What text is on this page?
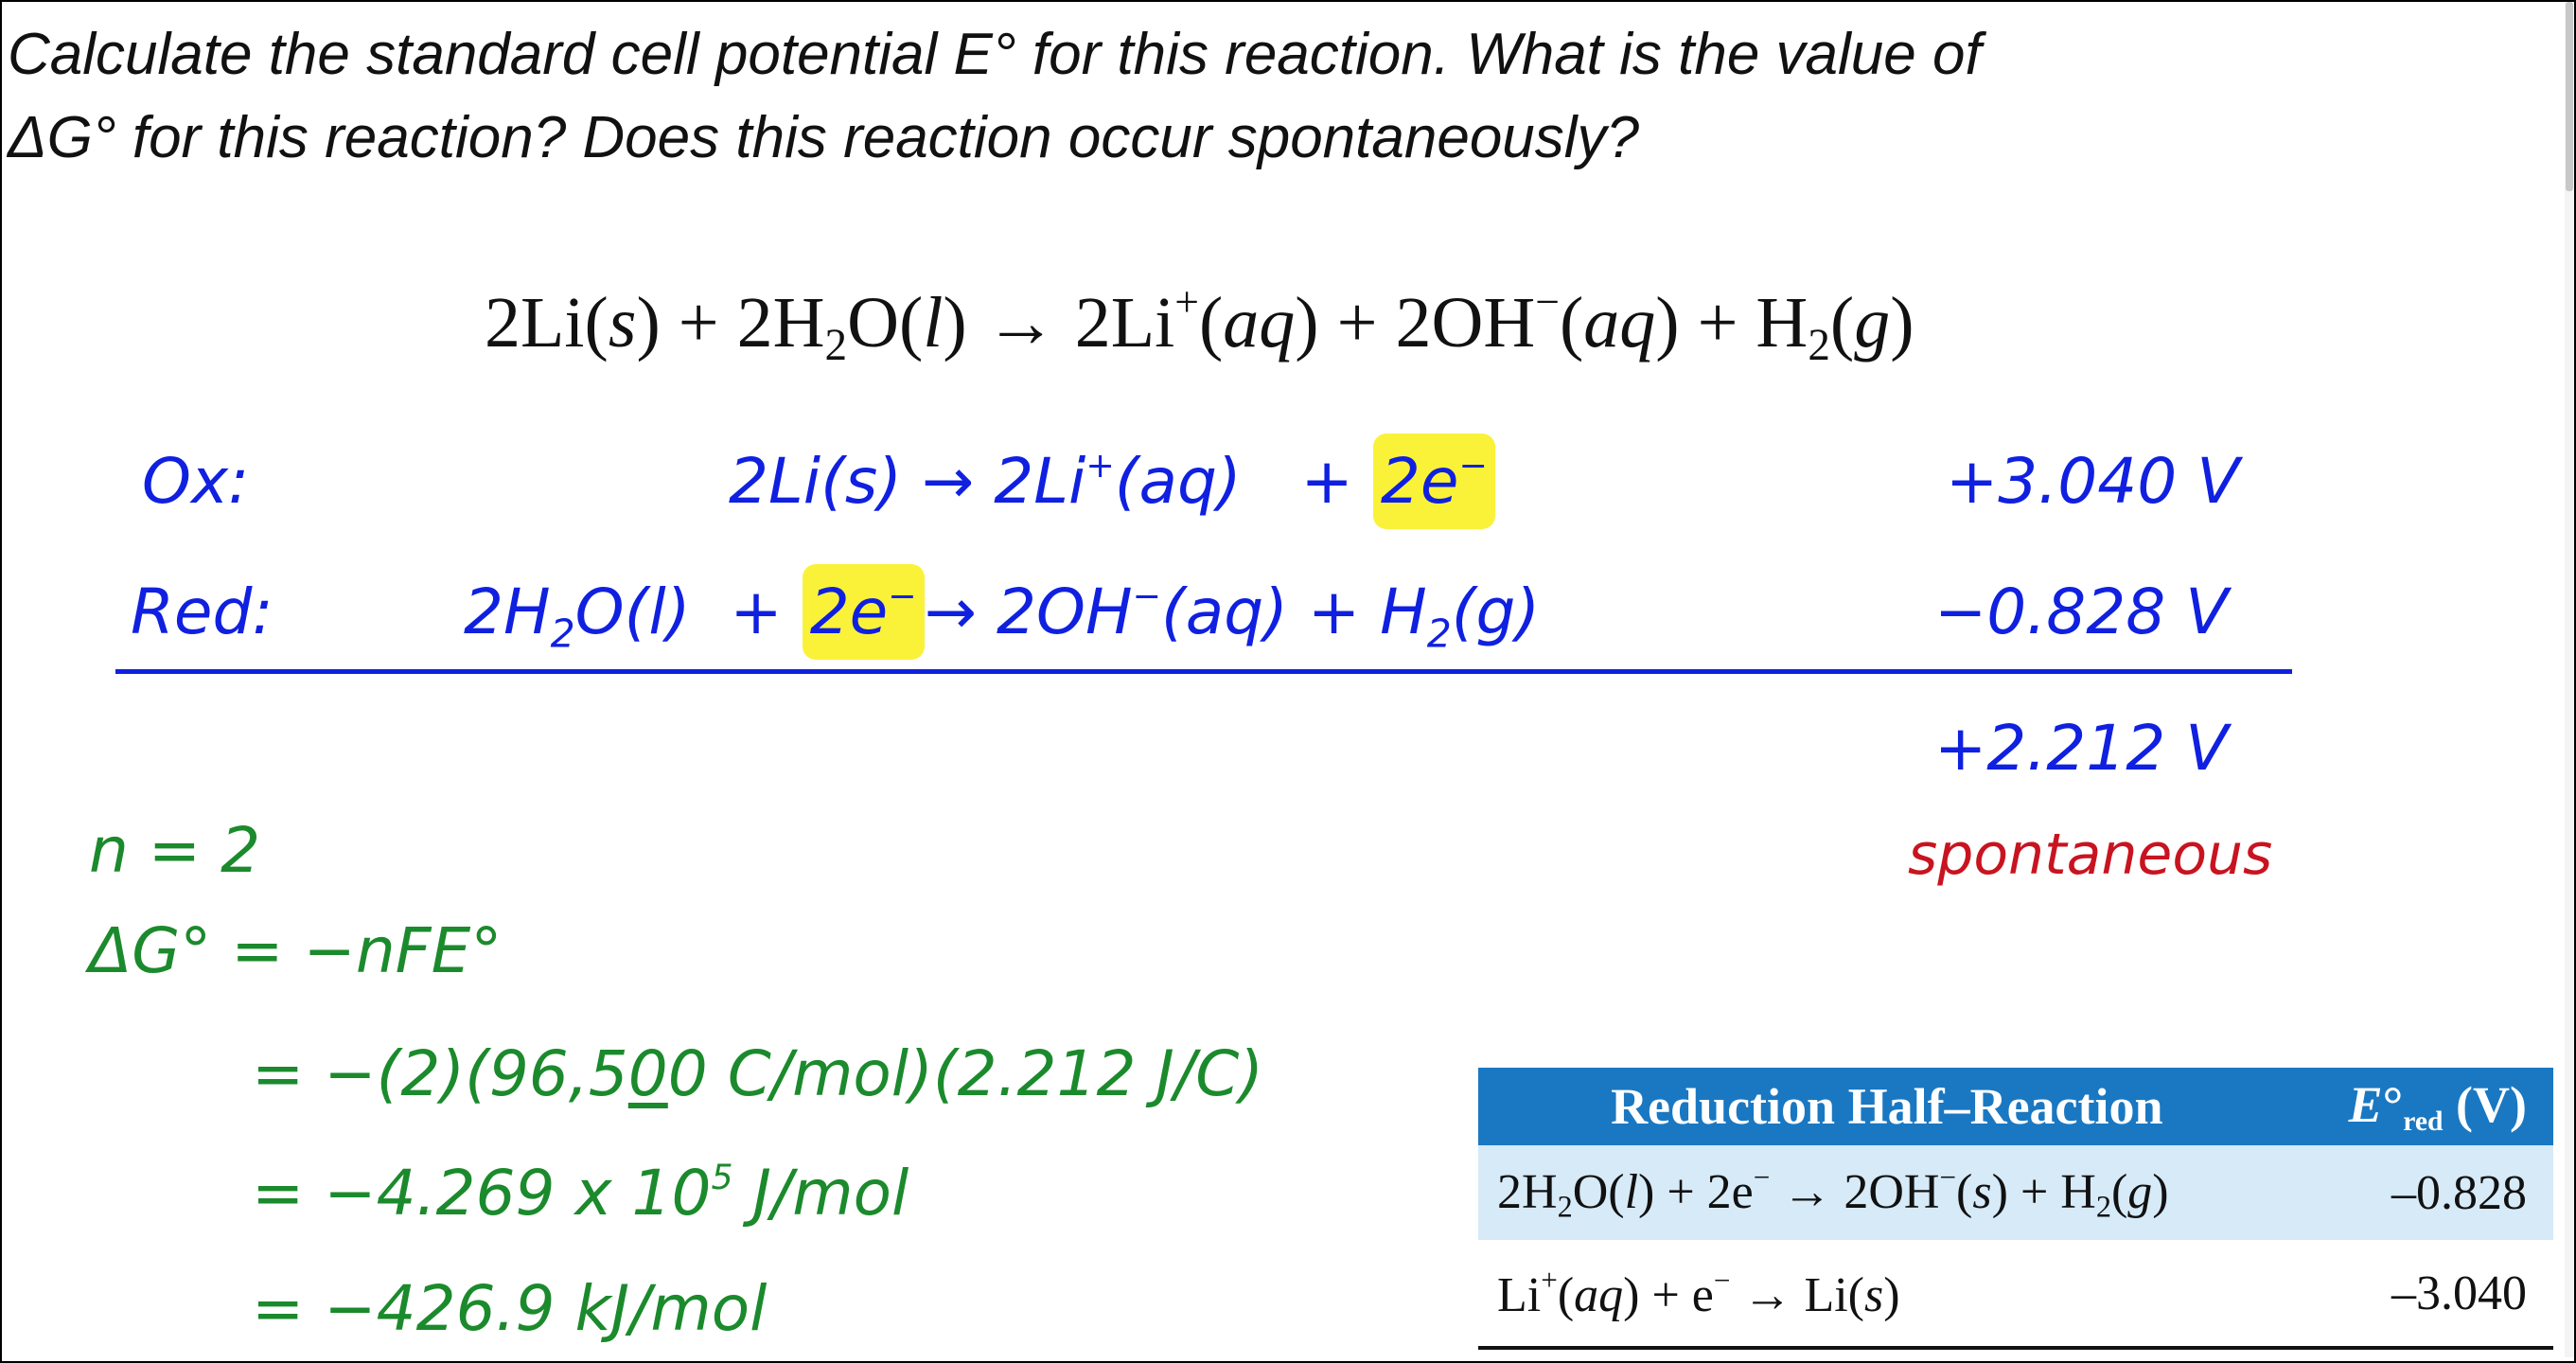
Calculate the standard cell potential E° for this reaction. What is the value of
ΔG° for this reaction? Does this reaction occur spontaneously?
$2Li(s) + 2H_2O(l) \to 2Li^+(aq) + 2OH^-(aq) + H_2(g)$
Ox:	2Li(s) → 2Li+(aq)   + 2e−	+3.040 V
Red:	$2H_2O(l) + 2e^- \to 2OH^-(aq) + H_2(g)$	−0.828 V
+2.212 V
spontaneous
n = 2
ΔG° = −nFE°
= −(2)(96,500 C/mol)(2.212 J/C)
= −4.269 x $10^5$ J/mol
= −426.9 kJ/mol
Reduction Half–Reaction	$E^\circ_{red}$ (V)
$2H_2O(l) + 2e^- \to 2OH^-(s) + H_2(g)$	–0.828
Li+(aq) + e− → Li(s)	–3.040
